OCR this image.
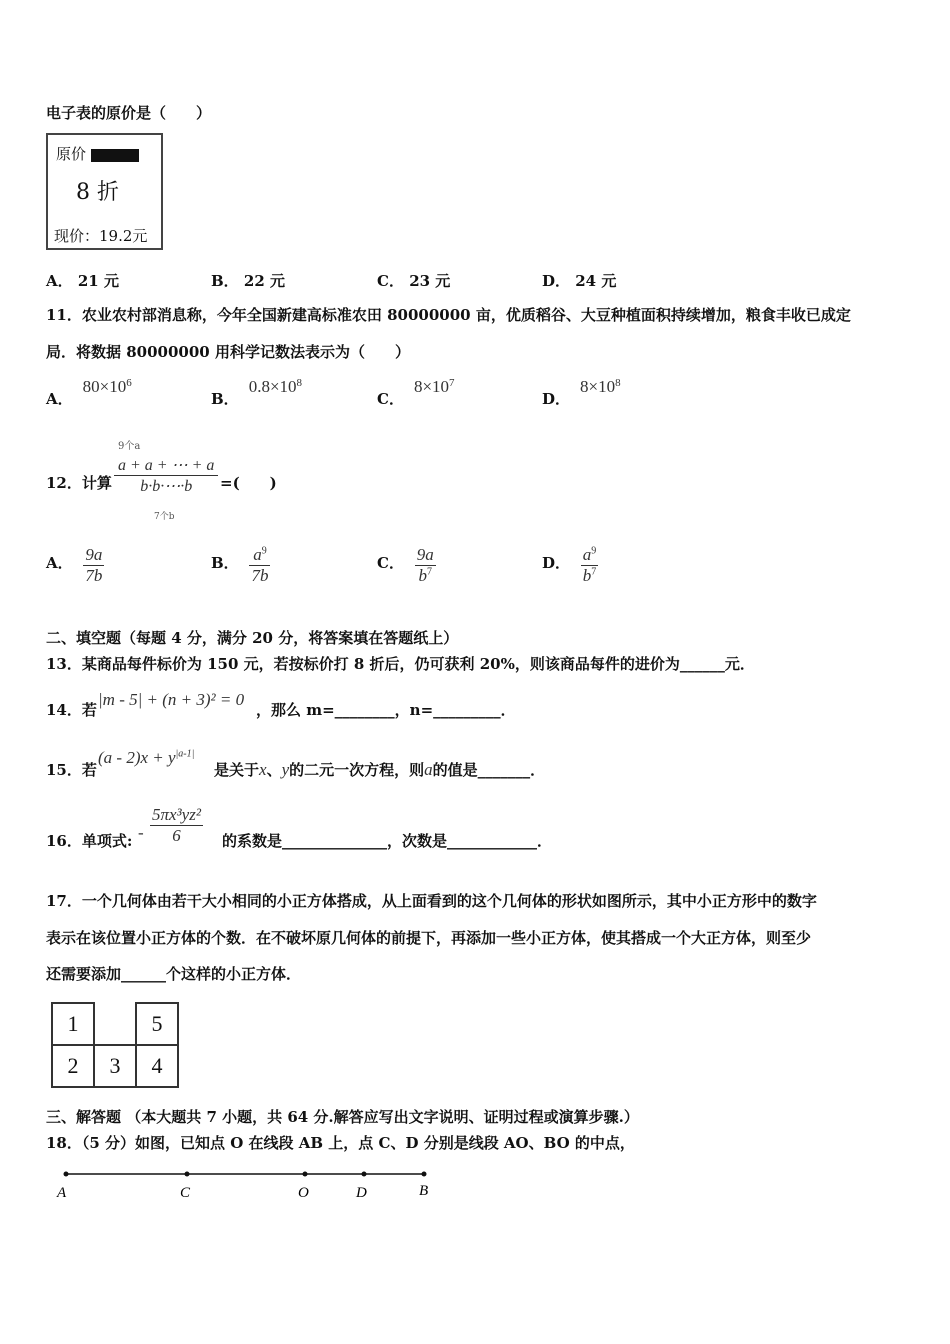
电子表的原价是（　　）
原价
8 折
现价：19.2元
A． 21 元	B． 22 元	C． 23 元	D． 24 元
11．农业农村部消息称，今年全国新建高标准农田 80000000 亩，优质稻谷、大豆种植面积持续增加，粮食丰收已成定
局．将数据 80000000 用科学记数法表示为（　　）
A．$80\times 10^6$
B．$0.8\times 10^8$
C．$8\times 10^7$
D．$8\times 10^8$
9个a
12．计算 $\frac{a + a + \cdots + a}{b\cdot b\cdot\cdots\cdot b}$
7个b
=(　　)
A． $\frac{9a}{7b}$	B． $\frac{a^9}{7b}$	C． $\frac{9a}{b^7}$	D． $\frac{a^9}{b^7}$
二、填空题（每题 4 分，满分 20 分，将答案填在答题纸上）
13．某商品每件标价为 150 元，若按标价打 8 折后，仍可获利 20%，则该商品每件的进价为______元．
14．若
|m - 5| + (n + 3)² = 0
，那么 m=________，n=_________．
15．若
$(a - 2)x + y^{|a-1|}$
是关于x、y的二元一次方程，则a的值是_______．
16．单项式: - $\frac{\text{5πx³yz²}}{6}$ 的系数是______________，次数是____________．
17．一个几何体由若干大小相同的小正方体搭成，从上面看到的这个几何体的形状如图所示，其中小正方形中的数字
表示在该位置小正方体的个数．在不破坏原几何体的前提下，再添加一些小正方体，使其搭成一个大正方体，则至少
还需要添加______个这样的小正方体．
1		5
2	3	4
三、解答题 （本大题共 7 小题，共 64 分.解答应写出文字说明、证明过程或演算步骤.）
18．（5 分）如图，已知点 O 在线段 AB 上，点 C、D 分别是线段 AO、BO 的中点，
A	C	O	D	B
